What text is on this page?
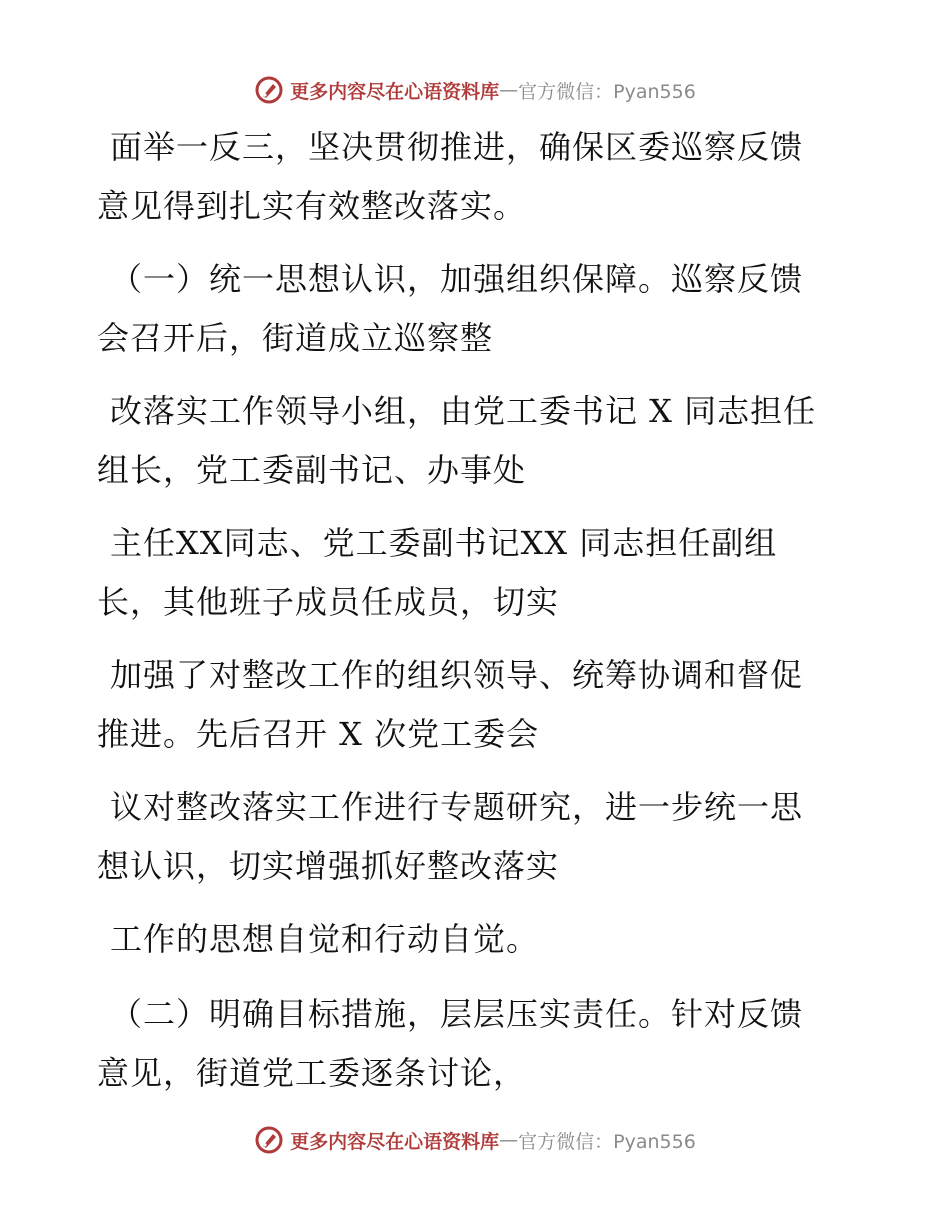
更多内容尽在心语资料库 — 官方微信：Pyan556
面举一反三，坚决贯彻推进，确保区委巡察反馈
意见得到扎实有效整改落实。
（一）统一思想认识，加强组织保障。巡察反馈
会召开后，街道成立巡察整
改落实工作领导小组，由党工委书记 X 同志担任
组长，党工委副书记、办事处
主任XX同志、党工委副书记XX 同志担任副组
长，其他班子成员任成员，切实
加强了对整改工作的组织领导、统筹协调和督促
推进。先后召开 X 次党工委会
议对整改落实工作进行专题研究，进一步统一思
想认识，切实增强抓好整改落实
工作的思想自觉和行动自觉。
（二）明确目标措施，层层压实责任。针对反馈
意见，街道党工委逐条讨论，
更多内容尽在心语资料库 — 官方微信：Pyan556
